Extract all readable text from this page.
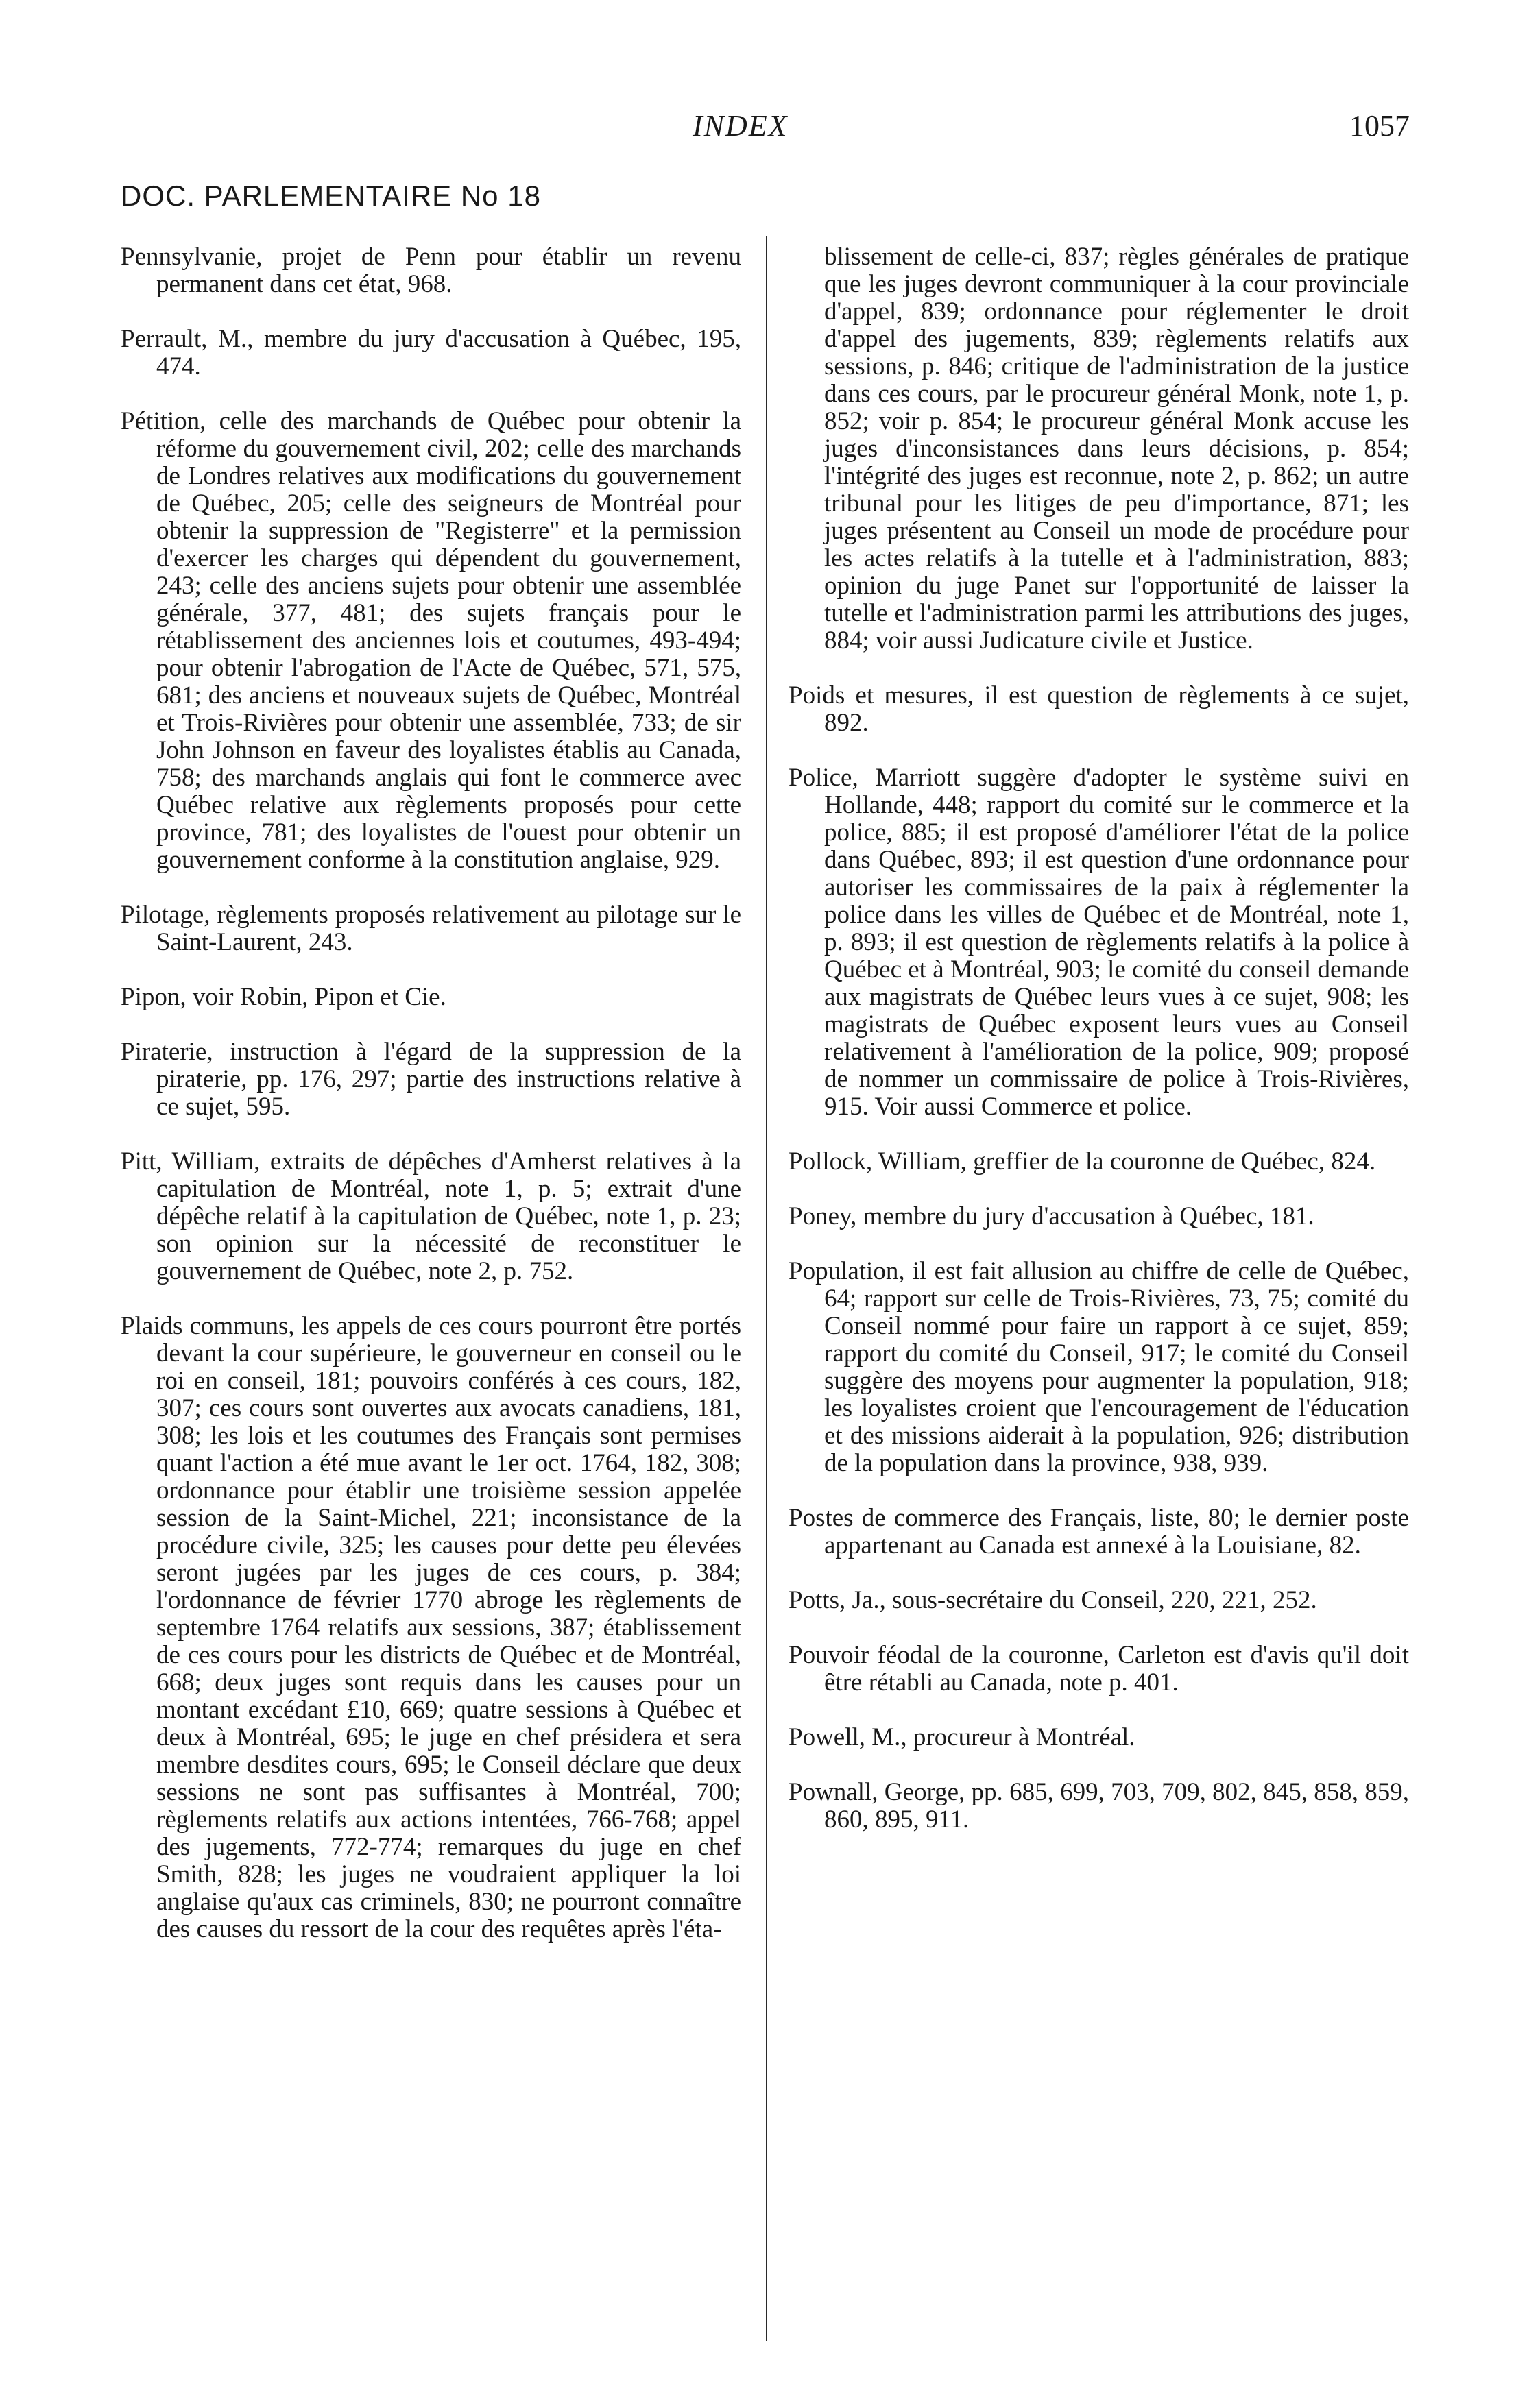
INDEX	1057
DOC. PARLEMENTAIRE No 18

Pennsylvanie, projet de Penn pour établir un revenu permanent dans cet état, 968.

Perrault, M., membre du jury d'accusation à Québec, 195, 474.

Pétition, celle des marchands de Québec pour obtenir la réforme du gouvernement civil, 202; celle des marchands de Londres relatives aux modifications du gouvernement de Québec, 205; celle des seigneurs de Montréal pour obtenir la suppression de "Registerre" et la permission d'exercer les charges qui dépendent du gouvernement, 243; celle des anciens sujets pour obtenir une assemblée générale, 377, 481; des sujets français pour le rétablissement des anciennes lois et coutumes, 493-494; pour obtenir l'abrogation de l'Acte de Québec, 571, 575, 681; des anciens et nouveaux sujets de Québec, Montréal et Trois-Rivières pour obtenir une assemblée, 733; de sir John Johnson en faveur des loyalistes établis au Canada, 758; des marchands anglais qui font le commerce avec Québec relative aux règlements proposés pour cette province, 781; des loyalistes de l'ouest pour obtenir un gouvernement conforme à la constitution anglaise, 929.

Pilotage, règlements proposés relativement au pilotage sur le Saint-Laurent, 243.

Pipon, voir Robin, Pipon et Cie.

Piraterie, instruction à l'égard de la suppression de la piraterie, pp. 176, 297; partie des instructions relative à ce sujet, 595.

Pitt, William, extraits de dépêches d'Amherst relatives à la capitulation de Montréal, note 1, p. 5; extrait d'une dépêche relatif à la capitulation de Québec, note 1, p. 23; son opinion sur la nécessité de reconstituer le gouvernement de Québec, note 2, p. 752.

Plaids communs, les appels de ces cours pourront être portés devant la cour supérieure, le gouverneur en conseil ou le roi en conseil, 181; pouvoirs conférés à ces cours, 182, 307; ces cours sont ouvertes aux avocats canadiens, 181, 308; les lois et les coutumes des Français sont permises quant l'action a été mue avant le 1er oct. 1764, 182, 308; ordonnance pour établir une troisième session appelée session de la Saint-Michel, 221; inconsistance de la procédure civile, 325; les causes pour dette peu élevées seront jugées par les juges de ces cours, p. 384; l'ordonnance de février 1770 abroge les règlements de septembre 1764 relatifs aux sessions, 387; établissement de ces cours pour les districts de Québec et de Montréal, 668; deux juges sont requis dans les causes pour un montant excédant £10, 669; quatre sessions à Québec et deux à Montréal, 695; le juge en chef présidera et sera membre desdites cours, 695; le Conseil déclare que deux sessions ne sont pas suffisantes à Montréal, 700; règlements relatifs aux actions intentées, 766-768; appel des jugements, 772-774; remarques du juge en chef Smith, 828; les juges ne voudraient appliquer la loi anglaise qu'aux cas criminels, 830; ne pourront connaître des causes du ressort de la cour des requêtes après l'éta-

blissement de celle-ci, 837; règles générales de pratique que les juges devront communiquer à la cour provinciale d'appel, 839; ordonnance pour réglementer le droit d'appel des jugements, 839; règlements relatifs aux sessions, p. 846; critique de l'administration de la justice dans ces cours, par le procureur général Monk, note 1, p. 852; voir p. 854; le procureur général Monk accuse les juges d'inconsistances dans leurs décisions, p. 854; l'intégrité des juges est reconnue, note 2, p. 862; un autre tribunal pour les litiges de peu d'importance, 871; les juges présentent au Conseil un mode de procédure pour les actes relatifs à la tutelle et à l'administration, 883; opinion du juge Panet sur l'opportunité de laisser la tutelle et l'administration parmi les attributions des juges, 884; voir aussi Judicature civile et Justice.

Poids et mesures, il est question de règlements à ce sujet, 892.

Police, Marriott suggère d'adopter le système suivi en Hollande, 448; rapport du comité sur le commerce et la police, 885; il est proposé d'améliorer l'état de la police dans Québec, 893; il est question d'une ordonnance pour autoriser les commissaires de la paix à réglementer la police dans les villes de Québec et de Montréal, note 1, p. 893; il est question de règlements relatifs à la police à Québec et à Montréal, 903; le comité du conseil demande aux magistrats de Québec leurs vues à ce sujet, 908; les magistrats de Québec exposent leurs vues au Conseil relativement à l'amélioration de la police, 909; proposé de nommer un commissaire de police à Trois-Rivières, 915. Voir aussi Commerce et police.

Pollock, William, greffier de la couronne de Québec, 824.

Poney, membre du jury d'accusation à Québec, 181.

Population, il est fait allusion au chiffre de celle de Québec, 64; rapport sur celle de Trois-Rivières, 73, 75; comité du Conseil nommé pour faire un rapport à ce sujet, 859; rapport du comité du Conseil, 917; le comité du Conseil suggère des moyens pour augmenter la population, 918; les loyalistes croient que l'encouragement de l'éducation et des missions aiderait à la population, 926; distribution de la population dans la province, 938, 939.

Postes de commerce des Français, liste, 80; le dernier poste appartenant au Canada est annexé à la Louisiane, 82.

Potts, Ja., sous-secrétaire du Conseil, 220, 221, 252.

Pouvoir féodal de la couronne, Carleton est d'avis qu'il doit être rétabli au Canada, note p. 401.

Powell, M., procureur à Montréal.

Pownall, George, pp. 685, 699, 703, 709, 802, 845, 858, 859, 860, 895, 911.
